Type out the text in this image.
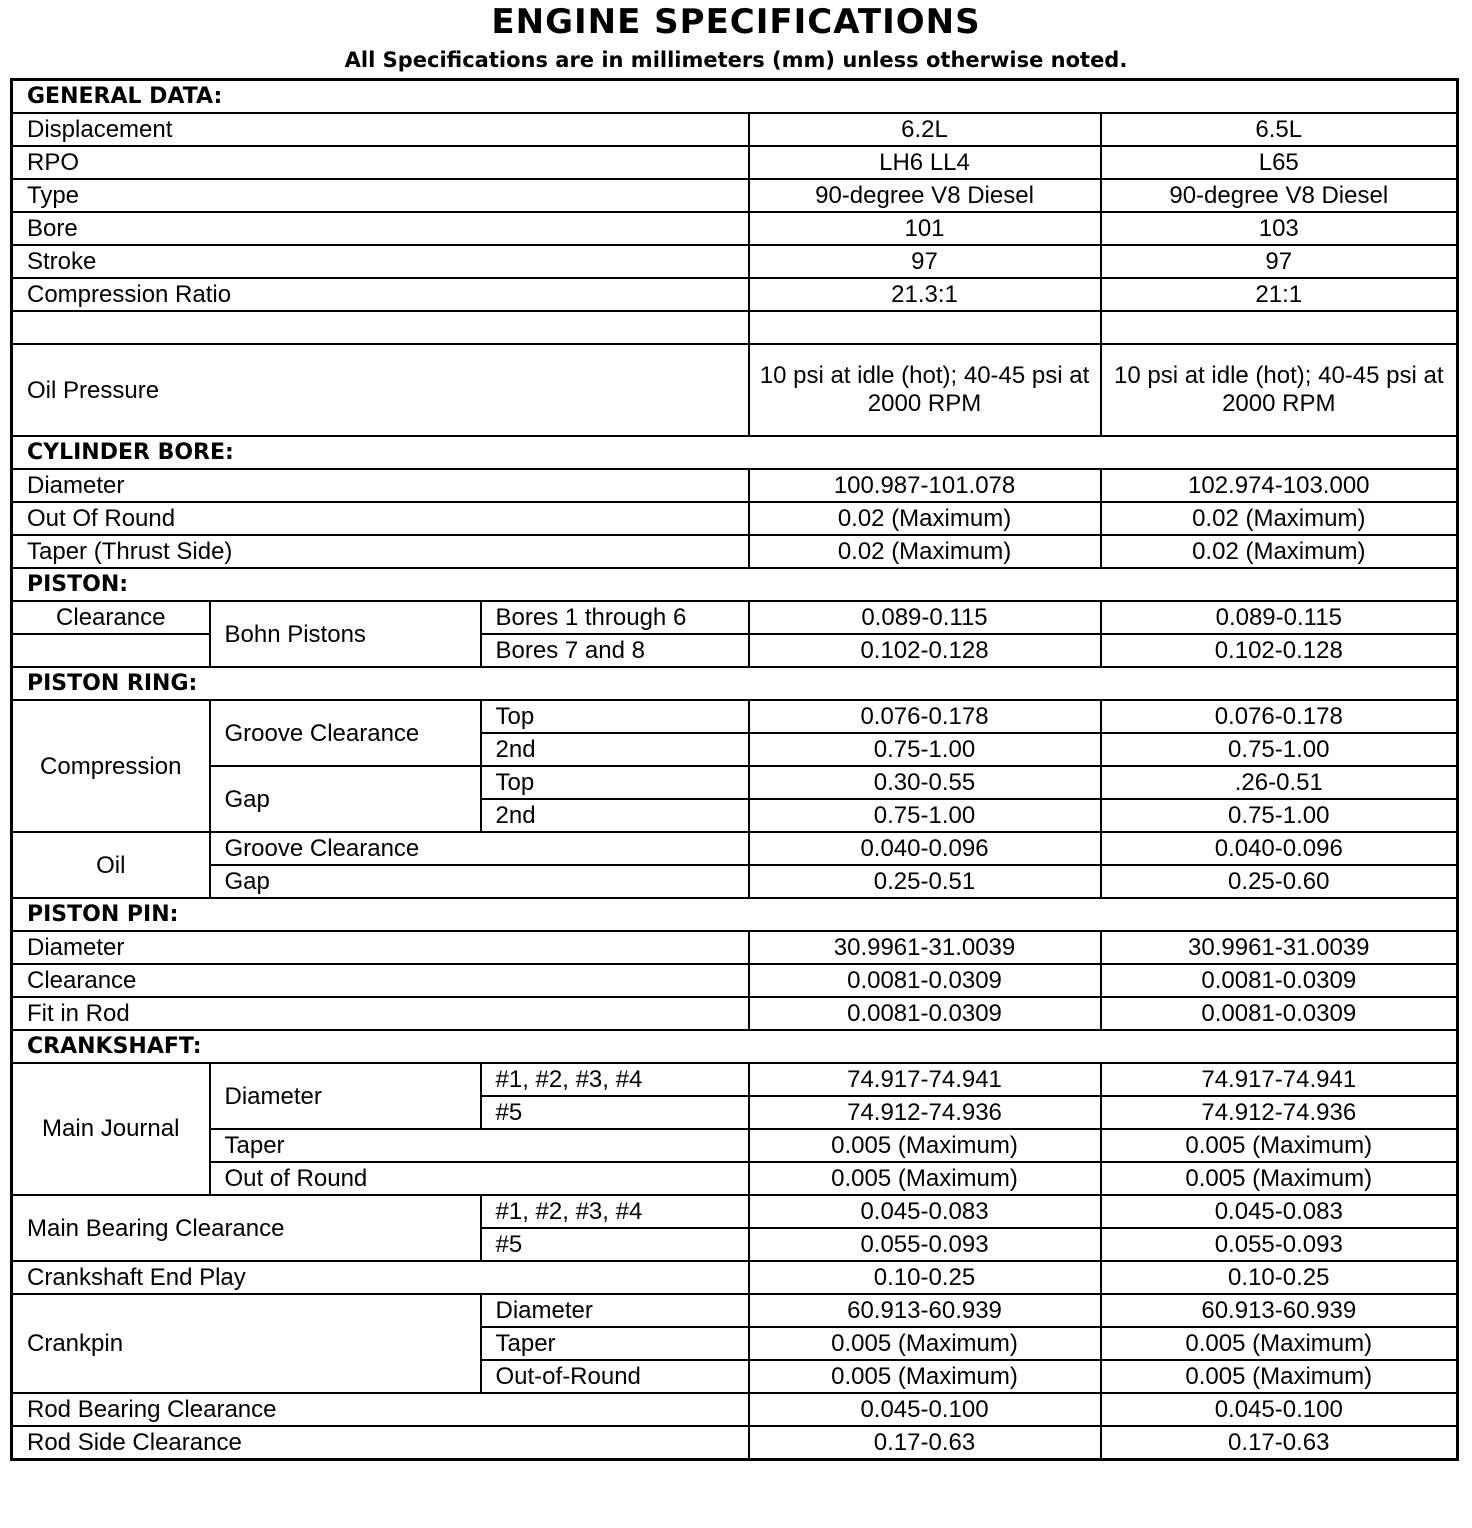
ENGINE SPECIFICATIONS
All Specifications are in millimeters (mm) unless otherwise noted.
GENERAL DATA:				
Displacement			6.2L	6.5L
RPO			LH6 LL4	L65
Type			90-degree V8 Diesel	90-degree V8 Diesel
Bore			101	103
Stroke			97	97
Compression Ratio			21.3:1	21:1

Oil Pressure			10 psi at idle (hot); 40-45 psi at 2000 RPM	10 psi at idle (hot); 40-45 psi at 2000 RPM
CYLINDER BORE:				
Diameter			100.987-101.078	102.974-103.000
Out Of Round			0.02 (Maximum)	0.02 (Maximum)
Taper (Thrust Side)			0.02 (Maximum)	0.02 (Maximum)
PISTON:				
Clearance	Bohn Pistons	Bores 1 through 6	0.089-0.115	0.089-0.115
		Bores 7 and 8	0.102-0.128	0.102-0.128
PISTON RING:				
Compression	Groove Clearance	Top	0.076-0.178	0.076-0.178
		2nd	0.75-1.00	0.75-1.00
	Gap	Top	0.30-0.55	.26-0.51
		2nd	0.75-1.00	0.75-1.00
Oil	Groove Clearance		0.040-0.096	0.040-0.096
	Gap		0.25-0.51	0.25-0.60
PISTON PIN:				
Diameter			30.9961-31.0039	30.9961-31.0039
Clearance			0.0081-0.0309	0.0081-0.0309
Fit in Rod			0.0081-0.0309	0.0081-0.0309
CRANKSHAFT:				
Main Journal	Diameter	#1, #2, #3, #4	74.917-74.941	74.917-74.941
		#5	74.912-74.936	74.912-74.936
	Taper		0.005 (Maximum)	0.005 (Maximum)
	Out of Round		0.005 (Maximum)	0.005 (Maximum)
Main Bearing Clearance		#1, #2, #3, #4	0.045-0.083	0.045-0.083
		#5	0.055-0.093	0.055-0.093
Crankshaft End Play			0.10-0.25	0.10-0.25
Crankpin		Diameter	60.913-60.939	60.913-60.939
		Taper	0.005 (Maximum)	0.005 (Maximum)
		Out-of-Round	0.005 (Maximum)	0.005 (Maximum)
Rod Bearing Clearance			0.045-0.100	0.045-0.100
Rod Side Clearance			0.17-0.63	0.17-0.63
